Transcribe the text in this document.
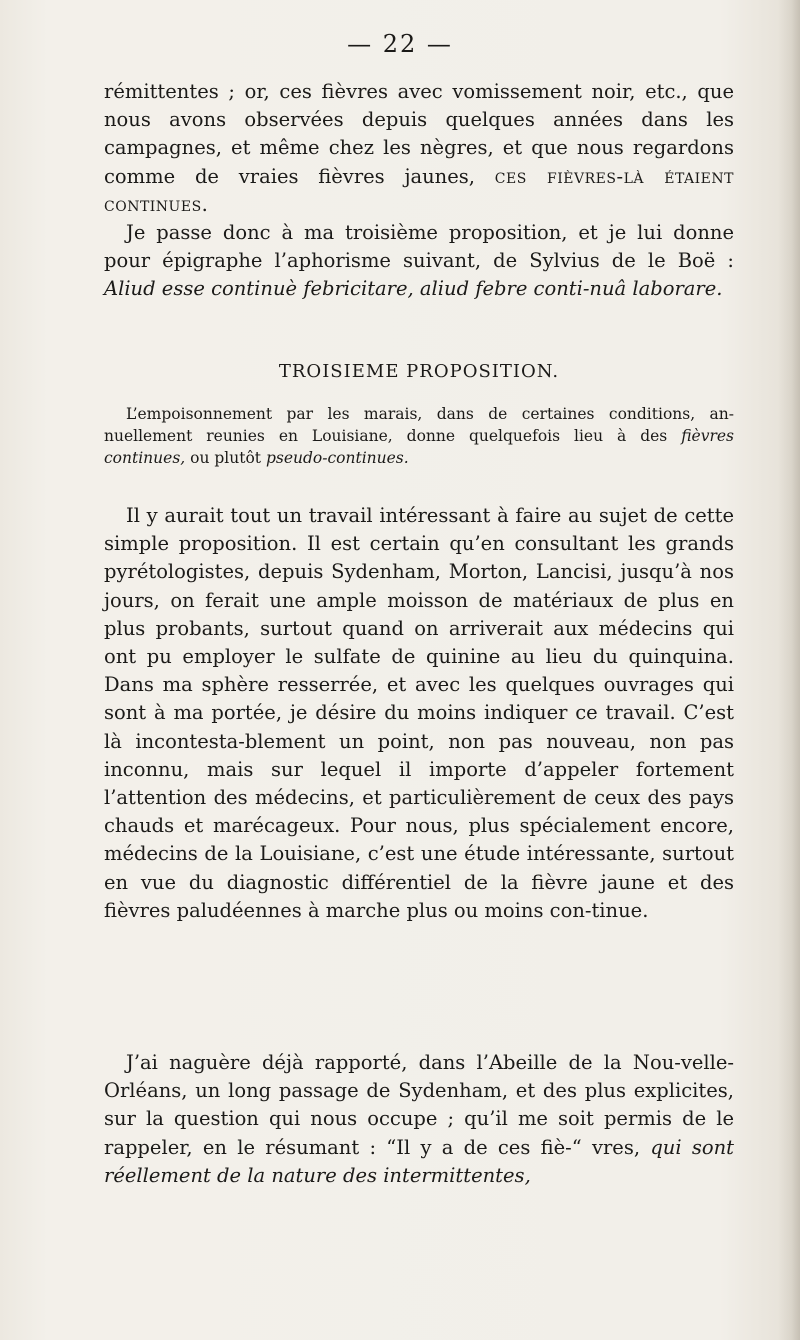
— 22 —

rémittentes ; or, ces fièvres avec vomissement noir, etc., que nous avons observées depuis quelques années dans les campagnes, et même chez les nègres, et que nous regardons comme de vraies fièvres jaunes, ces fièvres-là étaient continues.

Je passe donc à ma troisième proposition, et je lui donne pour épigraphe l’aphorisme suivant, de Sylvius de le Boë : Aliud esse continuè febricitare, aliud febre conti-nuâ laborare.

TROISIEME PROPOSITION.

L’empoisonnement par les marais, dans de certaines conditions, an-nuellement reunies en Louisiane, donne quelquefois lieu à des fièvres continues, ou plutôt pseudo-continues.

Il y aurait tout un travail intéressant à faire au sujet de cette simple proposition. Il est certain qu’en consultant les grands pyrétologistes, depuis Sydenham, Morton, Lancisi, jusqu’à nos jours, on ferait une ample moisson de matériaux de plus en plus probants, surtout quand on arriverait aux médecins qui ont pu employer le sulfate de quinine au lieu du quinquina. Dans ma sphère resserrée, et avec les quelques ouvrages qui sont à ma portée, je désire du moins indiquer ce travail. C’est là incontesta-blement un point, non pas nouveau, non pas inconnu, mais sur lequel il importe d’appeler fortement l’attention des médecins, et particulièrement de ceux des pays chauds et marécageux. Pour nous, plus spécialement encore, médecins de la Louisiane, c’est une étude intéressante, surtout en vue du diagnostic différentiel de la fièvre jaune et des fièvres paludéennes à marche plus ou moins con-tinue.

J’ai naguère déjà rapporté, dans l’Abeille de la Nou-velle-Orléans, un long passage de Sydenham, et des plus explicites, sur la question qui nous occupe ; qu’il me soit permis de le rappeler, en le résumant : “Il y a de ces fiè-“ vres, qui sont réellement de la nature des intermittentes,
